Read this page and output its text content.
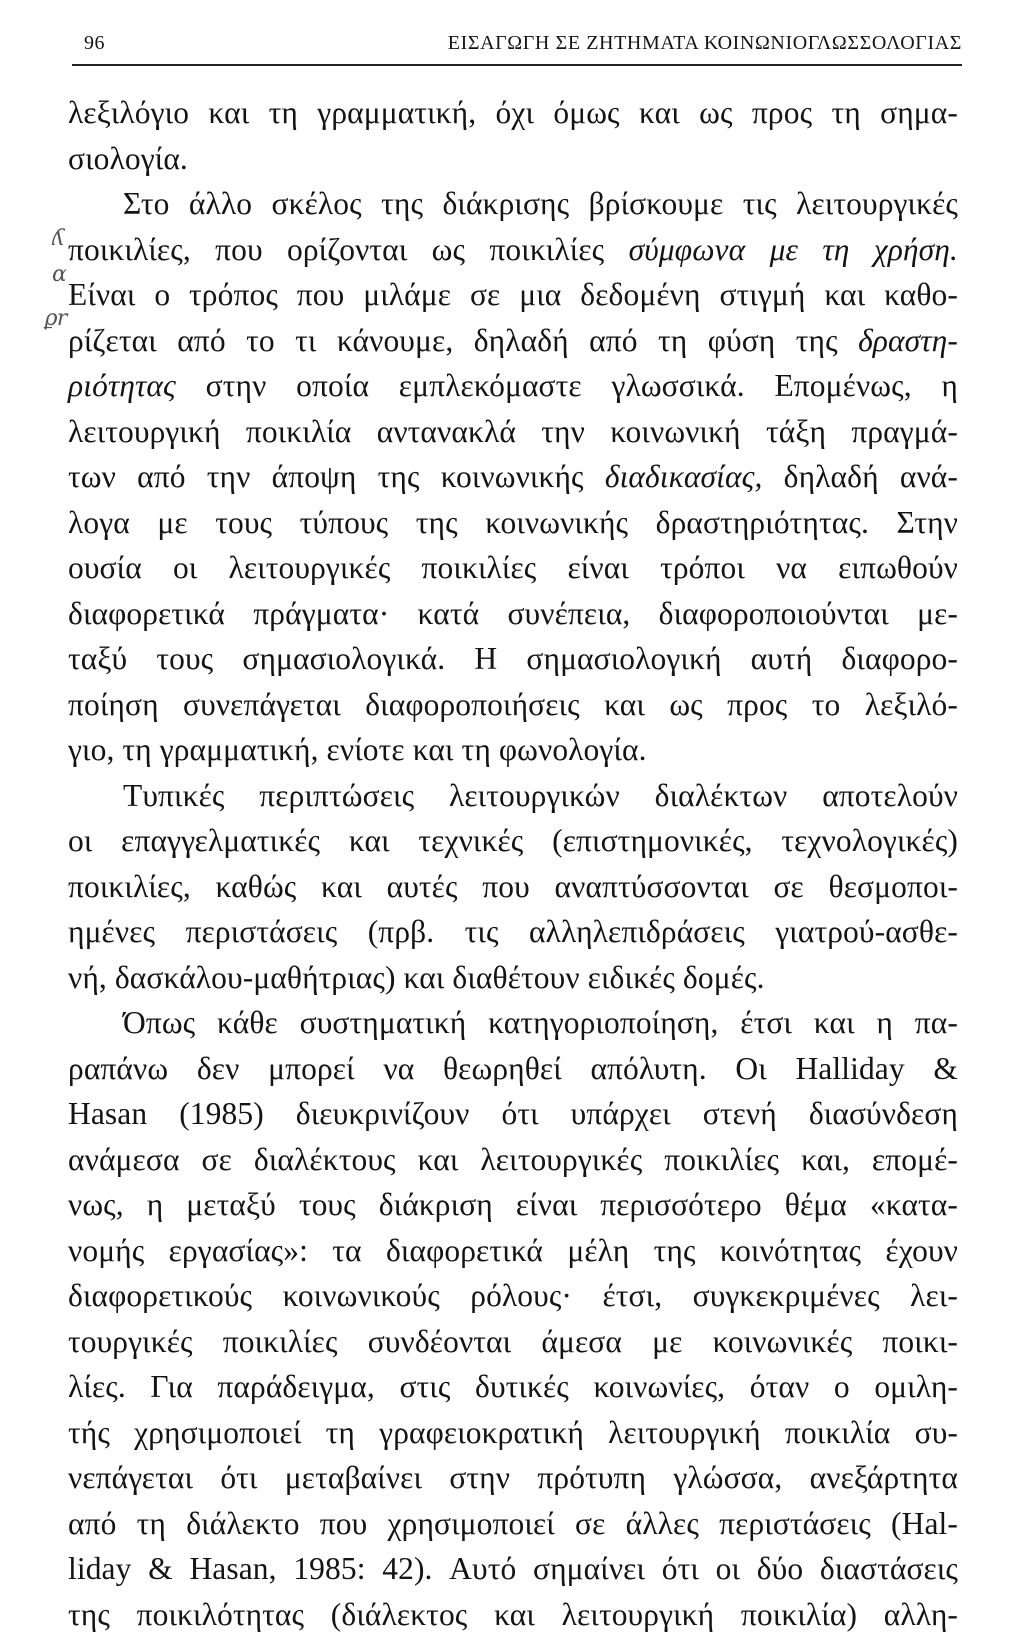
96	ΕΙΣΑΓΩΓΗ ΣΕ ΖΗΤΗΜΑΤΑ ΚΟΙΝΩΝΙΟΓΛΩΣΣΟΛΟΓΙΑΣ
ʎ
ɑ
ϼr
λεξιλόγιο και τη γραμματική, όχι όμως και ως προς τη σημα-
σιολογία.
Στο άλλο σκέλος της διάκρισης βρίσκουμε τις λειτουργικές
ποικιλίες, που ορίζονται ως ποικιλίες σύμφωνα με τη χρήση.
Είναι ο τρόπος που μιλάμε σε μια δεδομένη στιγμή και καθο-
ρίζεται από το τι κάνουμε, δηλαδή από τη φύση της δραστη-
ριότητας στην οποία εμπλεκόμαστε γλωσσικά. Επομένως, η
λειτουργική ποικιλία αντανακλά την κοινωνική τάξη πραγμά-
των από την άποψη της κοινωνικής διαδικασίας, δηλαδή ανά-
λογα με τους τύπους της κοινωνικής δραστηριότητας. Στην
ουσία οι λειτουργικές ποικιλίες είναι τρόποι να ειπωθούν
διαφορετικά πράγματα· κατά συνέπεια, διαφοροποιούνται με-
ταξύ τους σημασιολογικά. Η σημασιολογική αυτή διαφορο-
ποίηση συνεπάγεται διαφοροποιήσεις και ως προς το λεξιλό-
γιο, τη γραμματική, ενίοτε και τη φωνολογία.
Τυπικές περιπτώσεις λειτουργικών διαλέκτων αποτελούν
οι επαγγελματικές και τεχνικές (επιστημονικές, τεχνολογικές)
ποικιλίες, καθώς και αυτές που αναπτύσσονται σε θεσμοποι-
ημένες περιστάσεις (πρβ. τις αλληλεπιδράσεις γιατρού-ασθε-
νή, δασκάλου-μαθήτριας) και διαθέτουν ειδικές δομές.
Όπως κάθε συστηματική κατηγοριοποίηση, έτσι και η πα-
ραπάνω δεν μπορεί να θεωρηθεί απόλυτη. Οι Halliday &
Hasan (1985) διευκρινίζουν ότι υπάρχει στενή διασύνδεση
ανάμεσα σε διαλέκτους και λειτουργικές ποικιλίες και, επομέ-
νως, η μεταξύ τους διάκριση είναι περισσότερο θέμα «κατα-
νομής εργασίας»: τα διαφορετικά μέλη της κοινότητας έχουν
διαφορετικούς κοινωνικούς ρόλους· έτσι, συγκεκριμένες λει-
τουργικές ποικιλίες συνδέονται άμεσα με κοινωνικές ποικι-
λίες. Για παράδειγμα, στις δυτικές κοινωνίες, όταν ο ομιλη-
τής χρησιμοποιεί τη γραφειοκρατική λειτουργική ποικιλία συ-
νεπάγεται ότι μεταβαίνει στην πρότυπη γλώσσα, ανεξάρτητα
από τη διάλεκτο που χρησιμοποιεί σε άλλες περιστάσεις (Hal-
liday & Hasan, 1985: 42). Αυτό σημαίνει ότι οι δύο διαστάσεις
της ποικιλότητας (διάλεκτος και λειτουργική ποικιλία) αλλη-
